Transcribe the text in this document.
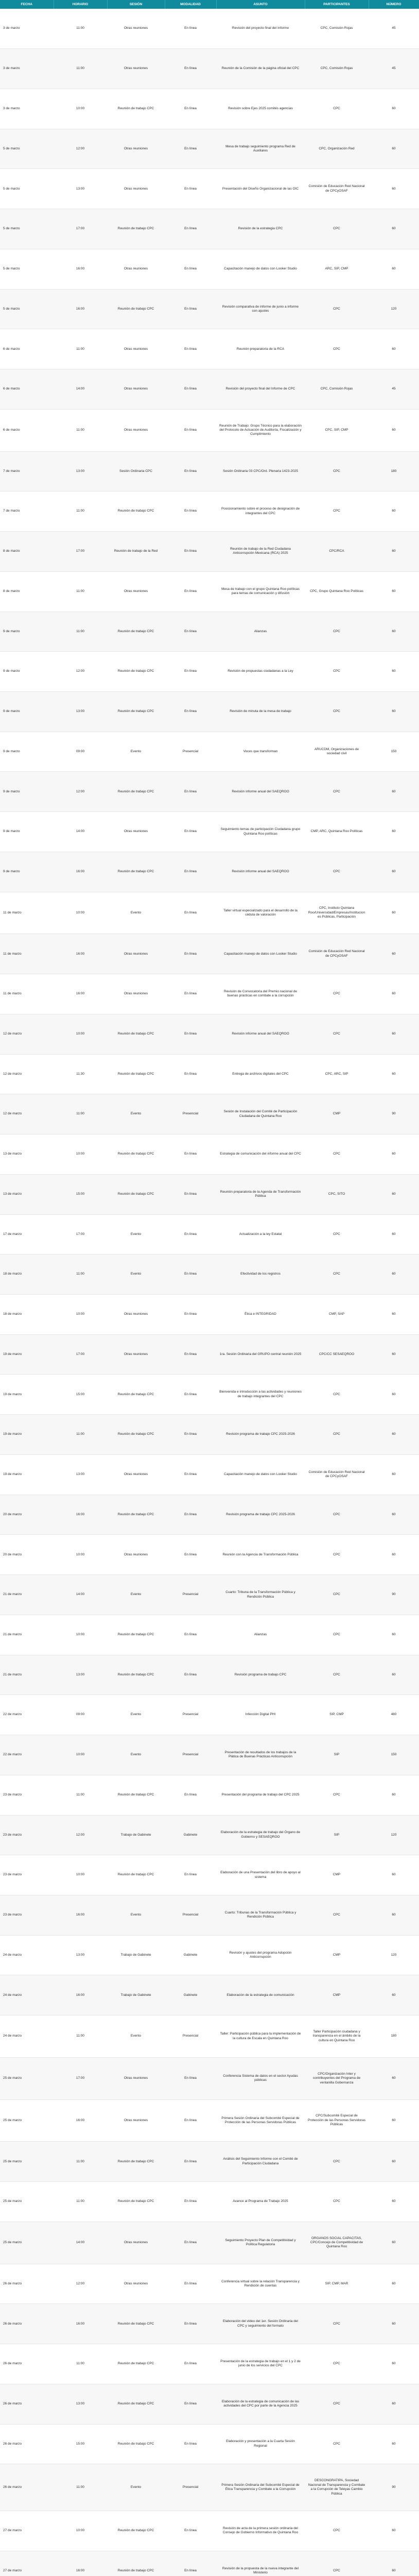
FECHA	HORARIO	SESIÓN	MODALIDAD	ASUNTO	PARTICIPANTES	NÚMERO
3 de marzo	11:00	Otras reuniones	En línea	Revisión del proyecto final del Informe	CPC, Comisión Rojas	45
3 de marzo	11:00	Otras reuniones	En línea	Reunión de la Comisión de la página oficial del CPC	CPC, Comisión Rojas	45
3 de marzo	10:00	Reunión de trabajo CPC	En línea	Revisión sobre Ejes 2025 comités agencias	CPC	60
5 de marzo	12:00	Otras reuniones	En línea	Mesa de trabajo seguimiento programa Red de Auxiliares	CPC, Organización Red	60
5 de marzo	13:00	Otras reuniones	En línea	Presentación del Diseño Organizacional de las OIC	Comisión de Educación Red Nacional de CPCyOSAF	60
5 de marzo	17:00	Reunión de trabajo CPC	En línea	Revisión de la estrategia CPC	CPC	60
5 de marzo	16:00	Otras reuniones	En línea	Capacitación manejo de datos con Looker Studio	ARC, SIP, CMP	60
5 de marzo	16:00	Reunión de trabajo CPC	En línea	Revisión comparativa de informe de junio a informe con ajustes	CPC	120
6 de marzo	11:00	Otras reuniones	En línea	Reunión preparatoria de la RCA	CPC	60
6 de marzo	14:00	Otras reuniones	En línea	Revisión del proyecto final del Informe de CPC	CPC, Comisión Rojas	45
6 de marzo	11:00	Otras reuniones	En línea	Reunión de Trabajo: Grupo Técnico para la elaboración del Protocolo de Actuación de Auditoría, Fiscalización y Cumplimiento	CPC, SIP, CMP	60
7 de marzo	13:00	Sesión Ordinaria CPC	En línea	Sesión Ordinaria 03 CPC/Ord. Plenaria 1423-2025	CPC	180
7 de marzo	11:00	Reunión de trabajo CPC	En línea	Posicionamiento sobre el proceso de designación de integrantes del CPC	CPC	60
8 de marzo	17:00	Reunión de trabajo de la Red	En línea	Reunión de trabajo de la Red Ciudadana Anticorrupción Mexicana (RCA) 2025	CPC/RCA	60
8 de marzo	11:00	Otras reuniones	En línea	Mesa de trabajo con el grupo Quintana Roo políticas para temas de comunicación y difusión	CPC, Grupo Quintana Roo Políticas	60
9 de marzo	11:00	Reunión de trabajo CPC	En línea	Alianzas	CPC	60
9 de marzo	12:00	Reunión de trabajo CPC	En línea	Revisión de propuestas ciudadanas a la Ley	CPC	60
9 de marzo	13:00	Reunión de trabajo CPC	En línea	Revisión de minuta de la mesa de trabajo	CPC	60
9 de marzo	09:00	Evento	Presencial	Voces que transforman	ARUCDM, Organizaciones de sociedad civil	150
9 de marzo	12:00	Reunión de trabajo CPC	En línea	Revisión informe anual del SAEQROO	CPC	60
9 de marzo	14:00	Otras reuniones	En línea	Seguimiento temas de participación Ciudadana grupo Quintana Roo políticas	CMP, ARC, Quintana Roo Políticas	60
9 de marzo	16:00	Reunión de trabajo CPC	En línea	Revisión informe anual del SAEQROO	CPC	60
11 de marzo	10:00	Evento	En línea	Taller virtual especializado para el desarrollo de la cédula de valoración	CPC, Instituto Quintana Roo/Universidad/Empresas/Instituciones Públicas, Participación	60
11 de marzo	16:00	Otras reuniones	En línea	Capacitación manejo de datos con Looker Studio	Comisión de Educación Red Nacional de CPCyOSAF	60
11 de marzo	16:00	Otras reuniones	En línea	Revisión de Convocatoria del Premio nacional de buenas prácticas en combate a la corrupción	CPC	60
12 de marzo	10:00	Reunión de trabajo CPC	En línea	Revisión informe anual del SAEQROO	CPC	60
12 de marzo	11:30	Reunión de trabajo CPC	En línea	Entrega de archivos digitales del CPC	CPC, ARC, SIP	60
12 de marzo	11:00	Evento	Presencial	Sesión de Instalación del Comité de Participación Ciudadana de Quintana Roo	CMP	90
13 de marzo	10:00	Reunión de trabajo CPC	En línea	Estrategia de comunicación del informe anual del CPC	CPC	60
13 de marzo	15:00	Reunión de trabajo CPC	En línea	Reunión preparatoria de la Agenda de Transformación Pública	CPC, SITO	60
17 de marzo	17:00	Evento	En línea	Actualización a la ley Estatal	CPC	60
18 de marzo	11:00	Evento	En línea	Efectividad de los registros	CPC	60
18 de marzo	10:00	Otras reuniones	En línea	Ética e INTEGRIDAD	CMP, SAP	60
19 de marzo	17:00	Otras reuniones	En línea	1ra. Sesión Ordinaria del GRUPO central reunión 2025	CPC/CC SESAEQROO	60
19 de marzo	15:00	Reunión de trabajo CPC	En línea	Bienvenida e introducción a las actividades y reuniones de trabajo integrantes del CPC	CPC	60
19 de marzo	11:00	Reunión de trabajo CPC	En línea	Revisión programa de trabajo CPC 2025-2026	CPC	60
19 de marzo	13:00	Otras reuniones	En línea	Capacitación manejo de datos con Looker Studio	Comisión de Educación Red Nacional de CPCyOSAF	60
20 de marzo	16:00	Reunión de trabajo CPC	En línea	Revisión programa de trabajo CPC 2025-2026	CPC	60
20 de marzo	10:00	Otras reuniones	En línea	Reunión con la Agencia de Transformación Pública	CPC	60
21 de marzo	14:00	Evento	Presencial	Cuarto: Tribuna de la Transformación Pública y Rendición Pública	CPC	90
21 de marzo	10:00	Reunión de trabajo CPC	En línea	Alianzas	CPC	60
21 de marzo	13:00	Reunión de trabajo CPC	En línea	Revisión programa de trabajo CPC	CPC	60
22 de marzo	09:00	Evento	Presencial	Infección Digital PHI	SIP, CMP	480
22 de marzo	10:00	Evento	Presencial	Presentación de resultados de los trabajos de la Plática de Buenas Prácticas Anticorrupción	SIP	150
23 de marzo	11:00	Reunión de trabajo CPC	En línea	Presentación del programa de trabajo del CPC 2025	CPC	60
23 de marzo	12:00	Trabajo de Gabinete	Gabinete	Elaboración de la estrategia de trabajo del Órgano de Gobierno y SESAEQROO	SIP	120
23 de marzo	10:00	Reunión de trabajo CPC	En línea	Elaboración de una Presentación del libro de apoyo al sistema	CMP	60
23 de marzo	16:00	Evento	Presencial	Cuarto: Tribunas de la Transformación Pública y Rendición Pública	CPC	60
24 de marzo	13:00	Trabajo de Gabinete	Gabinete	Revisión y ajustes del programa Adopción Anticorrupción	CMP	120
24 de marzo	16:00	Trabajo de Gabinete	Gabinete	Elaboración de la estrategia de comunicación	CMP	60
24 de marzo	11:00	Evento	Presencial	Taller: Participación pública para la implementación de la cultura de Escala en Quintana Roo	Taller Participación ciudadana y transparencia en el ámbito de la cultura en Quintana Roo	180
25 de marzo	17:00	Otras reuniones	En línea	Conferencia Sistema de datos en el sector Ayudas públicas	CPC/Organización Inter y contribuyentes del Programa de ventanilla Gobernanza	60
25 de marzo	16:00	Otras reuniones	En línea	Primera Sesión Ordinaria del Subcomité Especial de Protección de las Personas Servidoras Públicas	CPC/Subcomité Especial de Protección de las Personas Servidoras Públicas	60
25 de marzo	11:00	Reunión de trabajo CPC	En línea	Análisis del Seguimiento Informe con el Comité de Participación Ciudadana	CPC	60
25 de marzo	11:00	Reunión de trabajo CPC	En línea	Avance al Programa de Trabajo 2025	CPC	60
25 de marzo	14:00	Otras reuniones	En línea	Seguimiento Proyecto Plan de Competitividad y Política Regulatoria	ORGANOS SOCIAL CAPACITAS, CPC/Concejo de Competitividad de Quintana Roo	60
26 de marzo	12:00	Otras reuniones	En línea	Conferencia virtual sobre la relación Transparencia y Rendición de cuentas	SIP, CMP, MAR	60
26 de marzo	16:00	Reunión de trabajo CPC	En línea	Elaboración del video del 1er. Sesión Ordinaria del CPC y seguimiento del formato	CPC	60
26 de marzo	11:00	Reunión de trabajo CPC	En línea	Presentación de la estrategia de trabajo en el 1 y 2 de junio de los servicios del CPC	CPC	60
26 de marzo	13:00	Reunión de trabajo CPC	En línea	Elaboración de la estrategia de comunicación de las actividades del CPC por parte de la Agencia 2025	CPC	60
26 de marzo	15:00	Reunión de trabajo CPC	En línea	Elaboración y presentación a la Cuarta Sesión Regional	CPC	60
26 de marzo	11:00	Evento	Presencial	Primera Sesión Ordinaria del Subcomité Especial de Ética Transparencia y Combate a la Corrupción	DESCONGRATIPA, Sociedad Nacional de Transparencia y Combate a la Corrupción de Teleyas Cambio Pública	90
27 de marzo	10:00	Reunión de trabajo CPC	En línea	Revisión de acta de la primera sesión ordinaria del Consejo de Gobierno Informativo de Quintana Roo	CPC	60
27 de marzo	16:00	Reunión de trabajo CPC	En línea	Revisión de la propuesta de la nueva integrante del Ministerio	CPC	60
